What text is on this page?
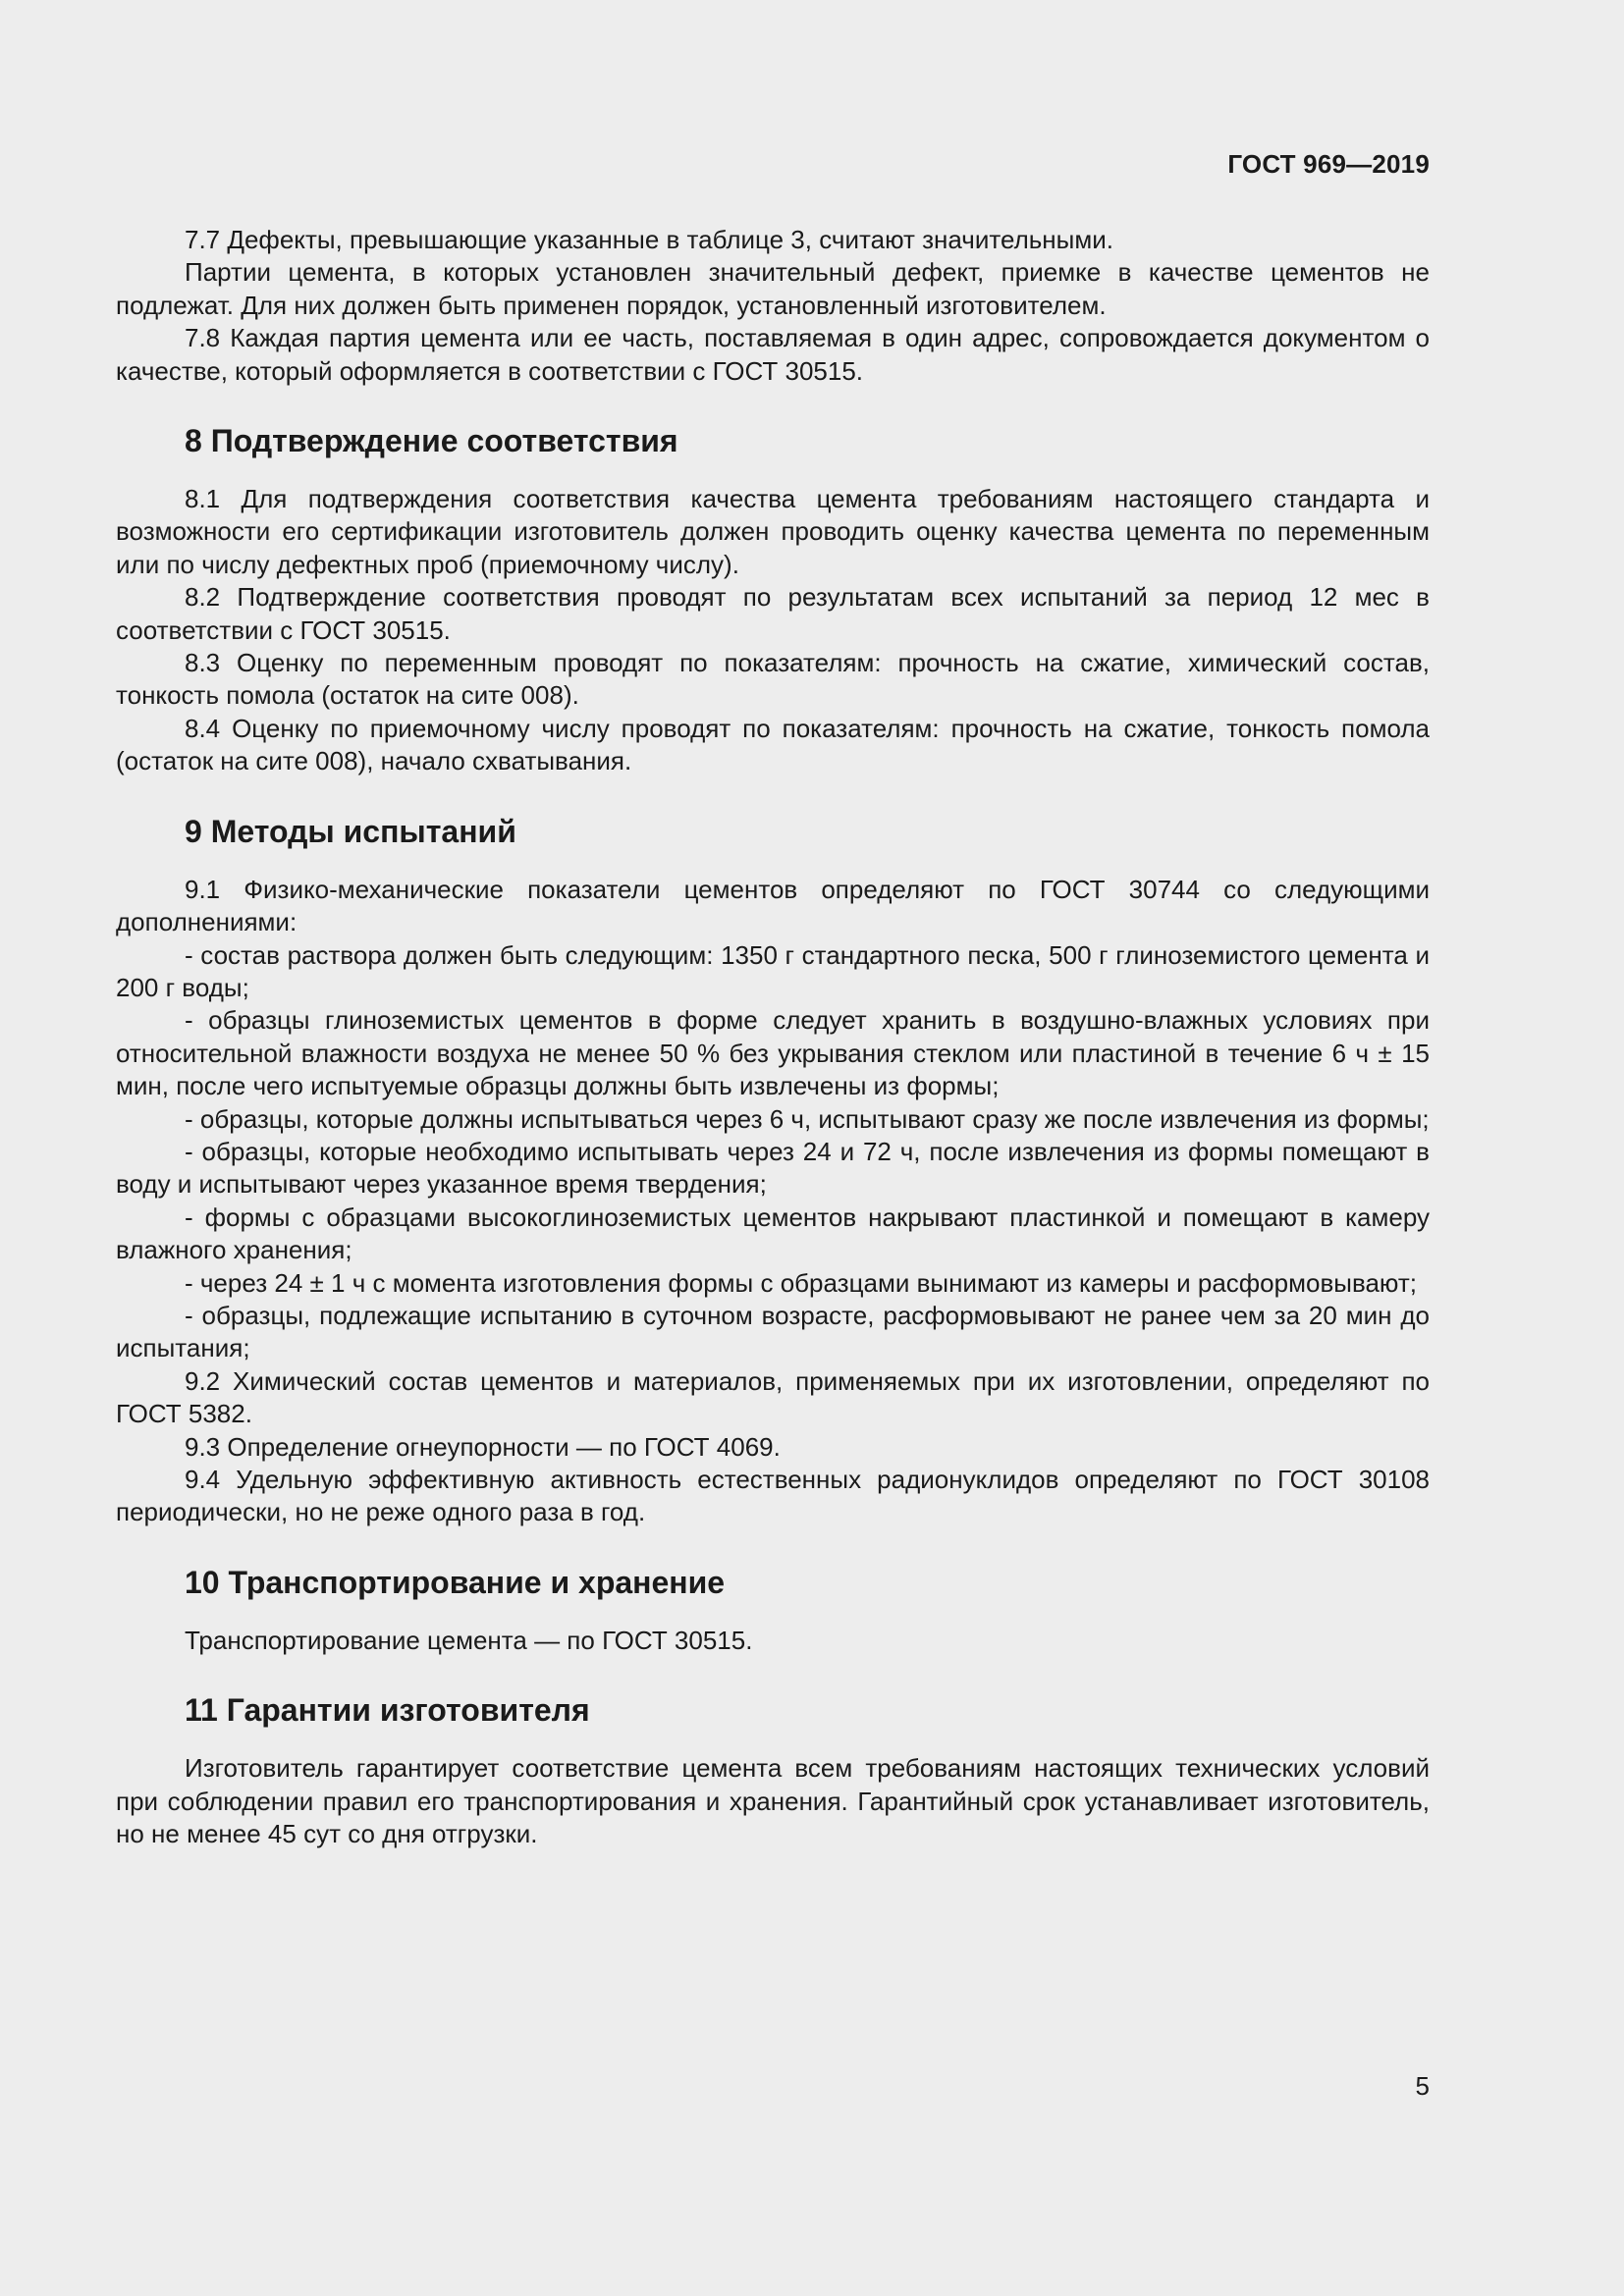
ГОСТ 969—2019

7.7 Дефекты, превышающие указанные в таблице 3, считают значительными.

Партии цемента, в которых установлен значительный дефект, приемке в качестве цементов не подлежат. Для них должен быть применен порядок, установленный изготовителем.

7.8 Каждая партия цемента или ее часть, поставляемая в один адрес, сопровождается документом о качестве, который оформляется в соответствии с ГОСТ 30515.

8 Подтверждение соответствия

8.1 Для подтверждения соответствия качества цемента требованиям настоящего стандарта и возможности его сертификации изготовитель должен проводить оценку качества цемента по переменным или по числу дефектных проб (приемочному числу).

8.2 Подтверждение соответствия проводят по результатам всех испытаний за период 12 мес в соответствии с ГОСТ 30515.

8.3 Оценку по переменным проводят по показателям: прочность на сжатие, химический состав, тонкость помола (остаток на сите 008).

8.4 Оценку по приемочному числу проводят по показателям: прочность на сжатие, тонкость помола (остаток на сите 008), начало схватывания.

9 Методы испытаний

9.1 Физико-механические показатели цементов определяют по ГОСТ 30744 со следующими дополнениями:

- состав раствора должен быть следующим: 1350 г стандартного песка, 500 г глиноземистого цемента и 200 г воды;

- образцы глиноземистых цементов в форме следует хранить в воздушно-влажных условиях при относительной влажности воздуха не менее 50 % без укрывания стеклом или пластиной в течение 6 ч ± 15 мин, после чего испытуемые образцы должны быть извлечены из формы;

- образцы, которые должны испытываться через 6 ч, испытывают сразу же после извлечения из формы;

- образцы, которые необходимо испытывать через 24 и 72 ч, после извлечения из формы помещают в воду и испытывают через указанное время твердения;

- формы с образцами высокоглиноземистых цементов накрывают пластинкой и помещают в камеру влажного хранения;

- через 24 ± 1 ч с момента изготовления формы с образцами вынимают из камеры и расформовывают;

- образцы, подлежащие испытанию в суточном возрасте, расформовывают не ранее чем за 20 мин до испытания;

9.2 Химический состав цементов и материалов, применяемых при их изготовлении, определяют по ГОСТ 5382.

9.3 Определение огнеупорности — по ГОСТ 4069.

9.4 Удельную эффективную активность естественных радионуклидов определяют по ГОСТ 30108 периодически, но не реже одного раза в год.

10 Транспортирование и хранение

Транспортирование цемента — по ГОСТ 30515.

11 Гарантии изготовителя

Изготовитель гарантирует соответствие цемента всем требованиям настоящих технических условий при соблюдении правил его транспортирования и хранения. Гарантийный срок устанавливает изготовитель, но не менее 45 сут со дня отгрузки.

5
